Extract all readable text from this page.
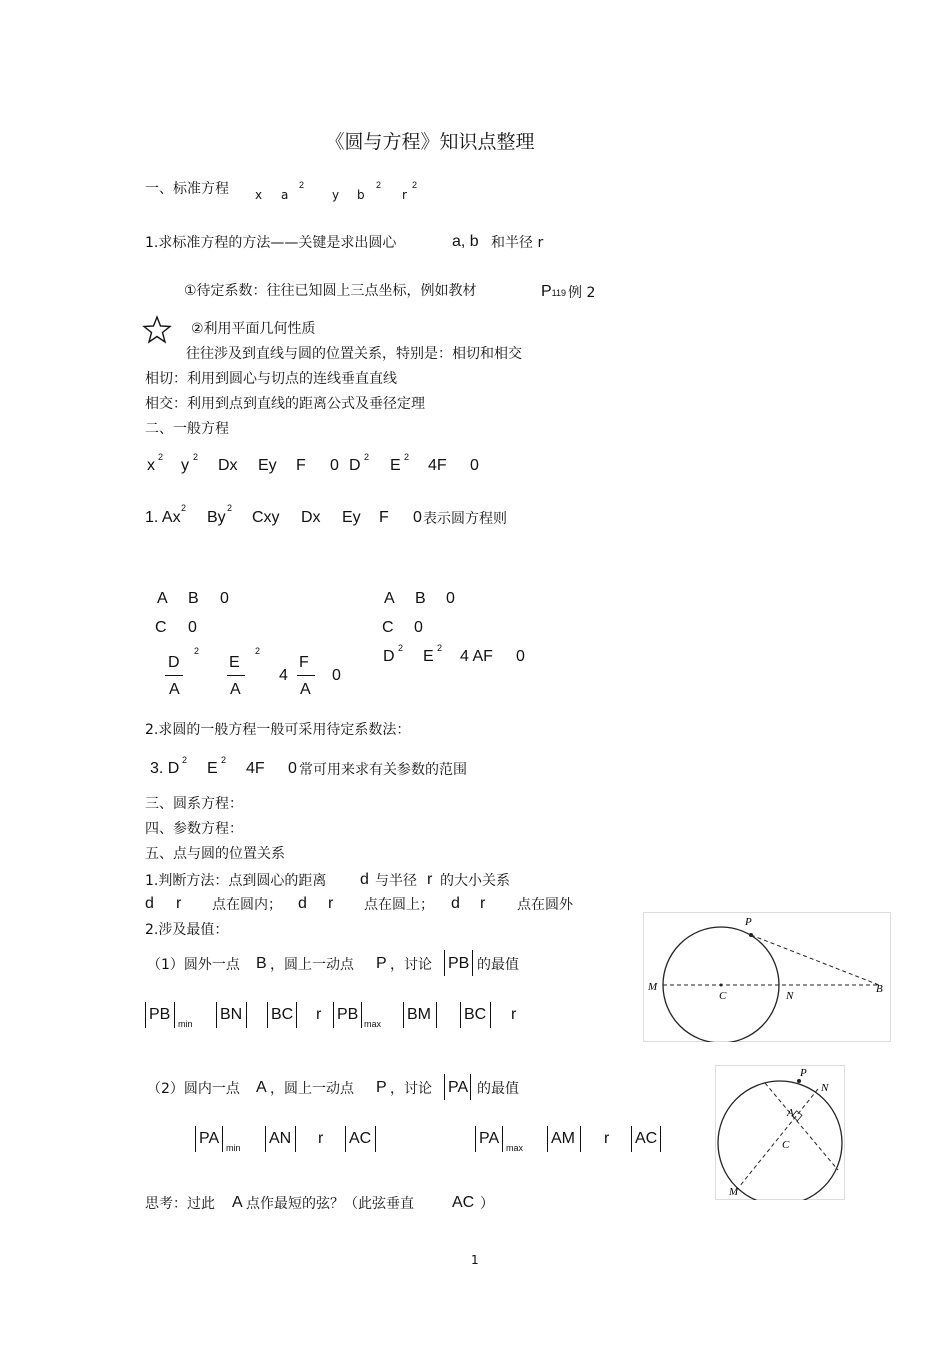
《圆与方程》知识点整理
一、标准方程 x a
2
y b
2
r
2
1.求标准方程的方法——关键是求出圆心	a, b 和半径 r
①待定系数：往往已知圆上三点坐标，例如教材	P119 例 2
②利用平面几何性质
往往涉及到直线与圆的位置关系，特别是：相切和相交
相切：利用到圆心与切点的连线垂直直线
相交：利用到点到直线的距离公式及垂径定理
二、一般方程
x 2 y 2 Dx Ey F 0 D 2 E 2 4F 0
1. Ax
2
By
2
Cxy Dx Ey F 0 表示圆方程则
A B 0
C 0
D
2
A
E
2
A
4
F
A
0
A B 0
C 0
D 2 E 2 4 AF 0
2.求圆的一般方程一般可采用待定系数法：
3. D 2 E 2 4F 0 常可用来求有关参数的范围
三、圆系方程：
四、参数方程：
五、点与圆的位置关系
1.判断方法：点到圆心的距离 d 与半径 r 的大小关系
d r 点在圆内； d r 点在圆上； d r 点在圆外
2.涉及最值：
（1）圆外一点 B ，圆上一动点 P ，讨论 PB 的最值
PB
min
BN BC r PB
max
BM BC r
P
M
C	N
B
（2）圆内一点 A ，圆上一动点 P ，讨论 PA 的最值
PA
min
AN r AC	PA
max
AM r AC
P
N
A
C
M
思考：过此 A 点作最短的弦？（此弦垂直 AC ）
1
